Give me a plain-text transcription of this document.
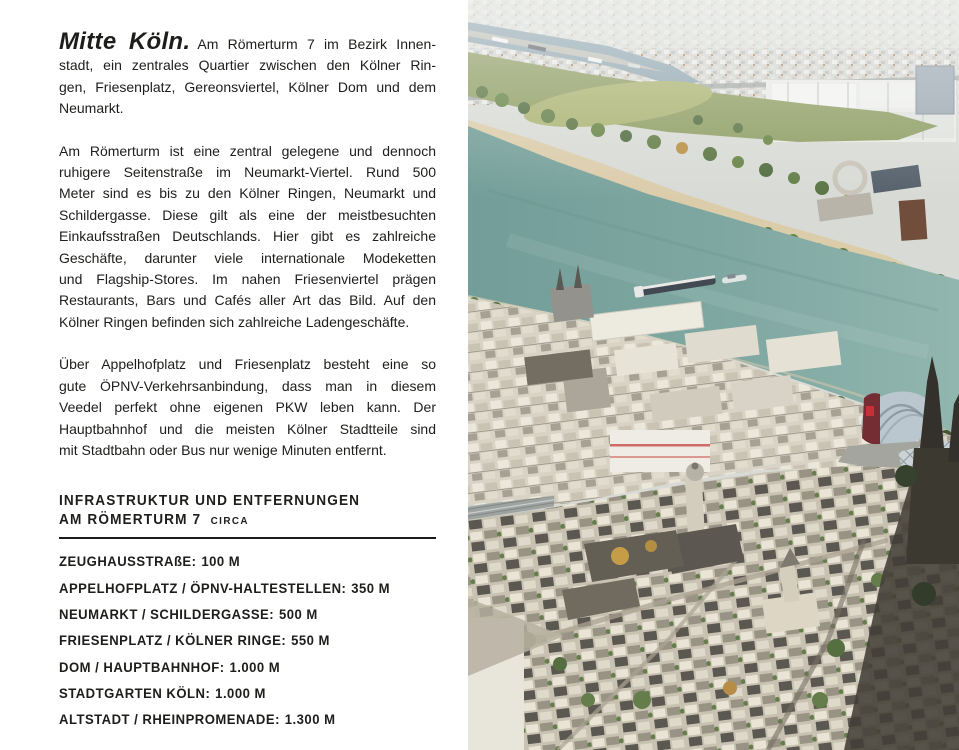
Mitte Köln. Am Römerturm 7 im Bezirk Innen-
stadt, ein zentrales Quartier zwischen den Kölner Rin-
gen, Friesenplatz, Gereonsviertel, Kölner Dom und dem
Neumarkt.
Am Römerturm ist eine zentral gelegene und dennoch
ruhigere Seitenstraße im Neumarkt-Viertel. Rund 500
Meter sind es bis zu den Kölner Ringen, Neumarkt und
Schildergasse. Diese gilt als eine der meistbesuchten
Einkaufsstraßen Deutschlands. Hier gibt es zahlreiche
Geschäfte, darunter viele internationale Modeketten
und Flagship-Stores. Im nahen Friesenviertel prägen
Restaurants, Bars und Cafés aller Art das Bild. Auf den
Kölner Ringen befinden sich zahlreiche Ladengeschäfte.
Über Appelhofplatz und Friesenplatz besteht eine so
gute ÖPNV-Verkehrsanbindung, dass man in diesem
Veedel perfekt ohne eigenen PKW leben kann. Der
Hauptbahnhof und die meisten Kölner Stadtteile sind
mit Stadtbahn oder Bus nur wenige Minuten entfernt.
INFRASTRUKTUR UND ENTFERNUNGEN
AM RÖMERTURM 7 CIRCA
ZEUGHAUSSTRAßE : 100 M
APPELHOFPLATZ / ÖPNV-HALTESTELLEN : 350 M
NEUMARKT / SCHILDERGASSE : 500 M
FRIESENPLATZ / KÖLNER RINGE : 550 M
DOM / HAUPTBAHNHOF : 1.000 M
STADTGARTEN KÖLN : 1.000 M
ALTSTADT / RHEINPROMENADE : 1.300 M
